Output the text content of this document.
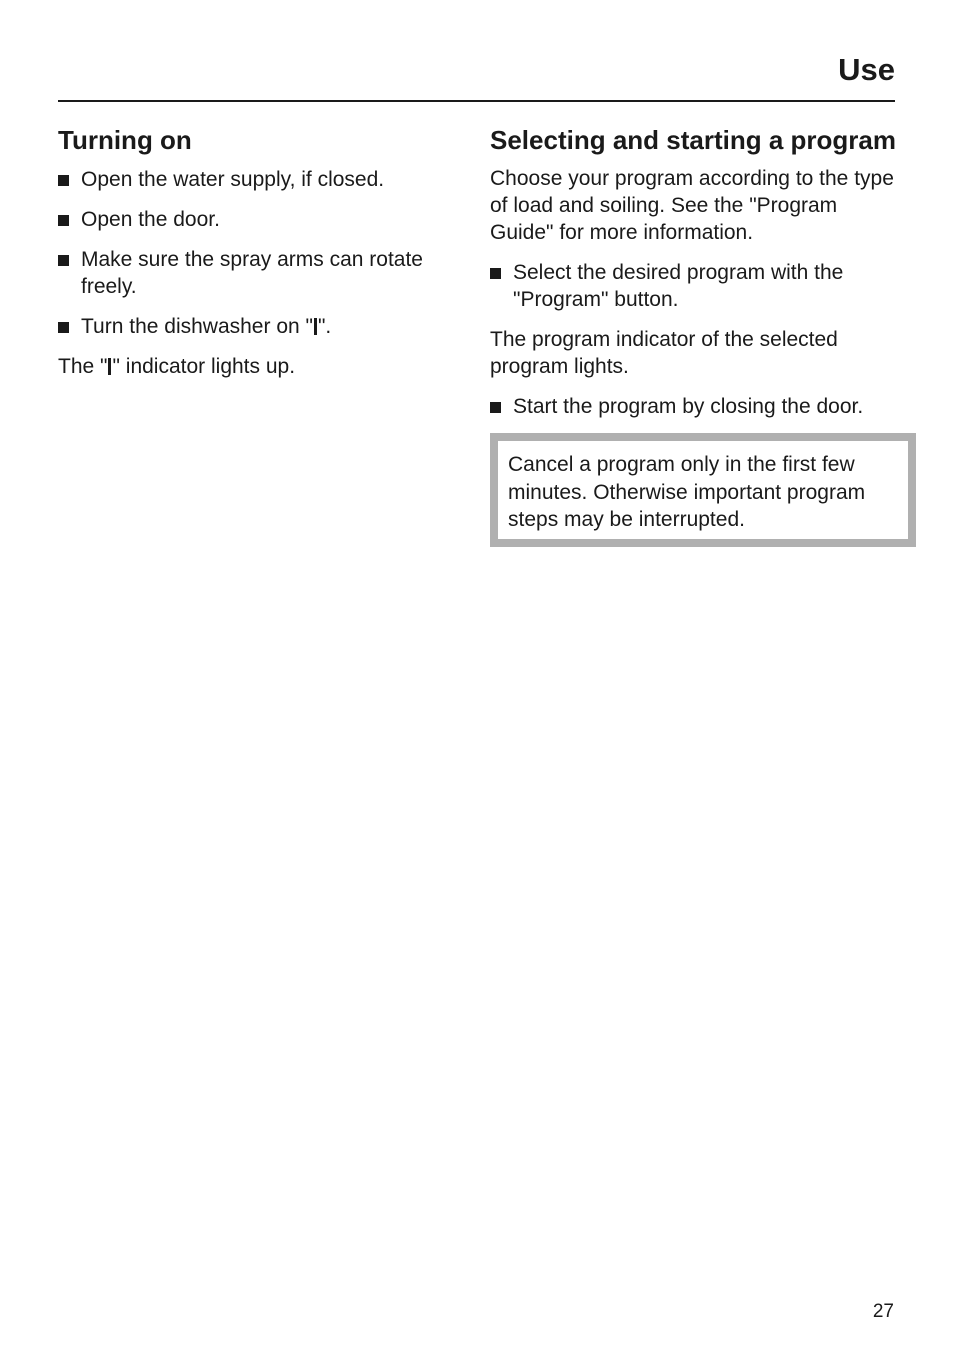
Use
Turning on
Open the water supply, if closed.
Open the door.
Make sure the spray arms can rotate freely.
Turn the dishwasher on " ".

The " " indicator lights up.

Selecting and starting a program

Choose your program according to the type of load and soiling. See the "Program Guide" for more information.

Select the desired program with the "Program" button.

The program indicator of the selected program lights.

Start the program by closing the door.
Cancel a program only in the first few minutes. Otherwise important program steps may be interrupted.
27
